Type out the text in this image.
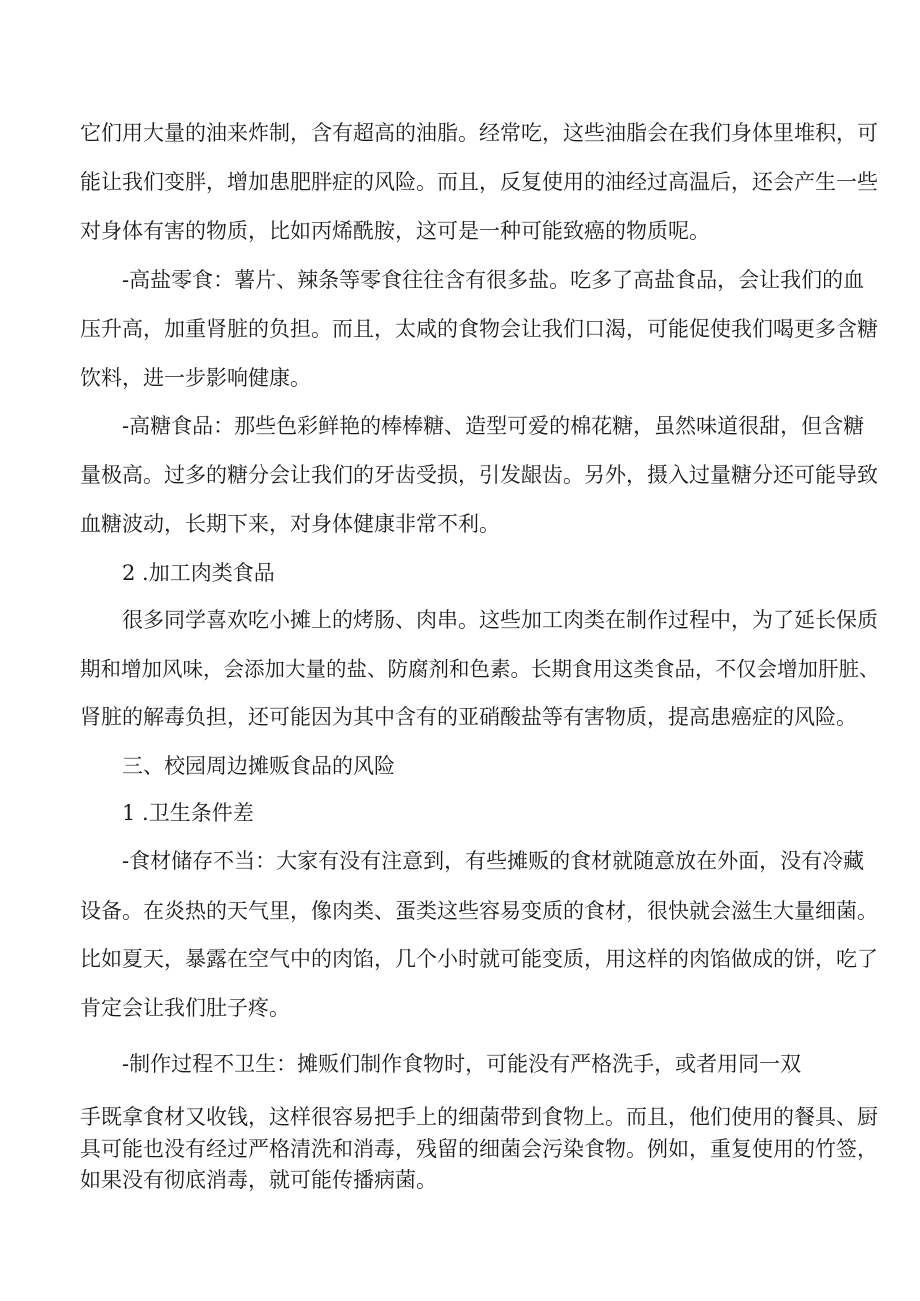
它们用大量的油来炸制，含有超高的油脂。经常吃，这些油脂会在我们身体里堆积，可

能让我们变胖，增加患肥胖症的风险。而且，反复使用的油经过高温后，还会产生一些

对身体有害的物质，比如丙烯酰胺，这可是一种可能致癌的物质呢。

-高盐零食：薯片、辣条等零食往往含有很多盐。吃多了高盐食品，会让我们的血

压升高，加重肾脏的负担。而且，太咸的食物会让我们口渴，可能促使我们喝更多含糖

饮料，进一步影响健康。

-高糖食品：那些色彩鲜艳的棒棒糖、造型可爱的棉花糖，虽然味道很甜，但含糖

量极高。过多的糖分会让我们的牙齿受损，引发龈齿。另外，摄入过量糖分还可能导致

血糖波动，长期下来，对身体健康非常不利。

2 .加工肉类食品

很多同学喜欢吃小摊上的烤肠、肉串。这些加工肉类在制作过程中，为了延长保质

期和增加风味，会添加大量的盐、防腐剂和色素。长期食用这类食品，不仅会增加肝脏、

肾脏的解毒负担，还可能因为其中含有的亚硝酸盐等有害物质，提高患癌症的风险。

三、校园周边摊贩食品的风险

1 .卫生条件差

-食材储存不当：大家有没有注意到，有些摊贩的食材就随意放在外面，没有冷藏

设备。在炎热的天气里，像肉类、蛋类这些容易变质的食材，很快就会滋生大量细菌。

比如夏天，暴露在空气中的肉馅，几个小时就可能变质，用这样的肉馅做成的饼，吃了

肯定会让我们肚子疼。

-制作过程不卫生：摊贩们制作食物时，可能没有严格洗手，或者用同一双

手既拿食材又收钱，这样很容易把手上的细菌带到食物上。而且，他们使用的餐具、厨

具可能也没有经过严格清洗和消毒，残留的细菌会污染食物。例如，重复使用的竹签，

如果没有彻底消毒，就可能传播病菌。
